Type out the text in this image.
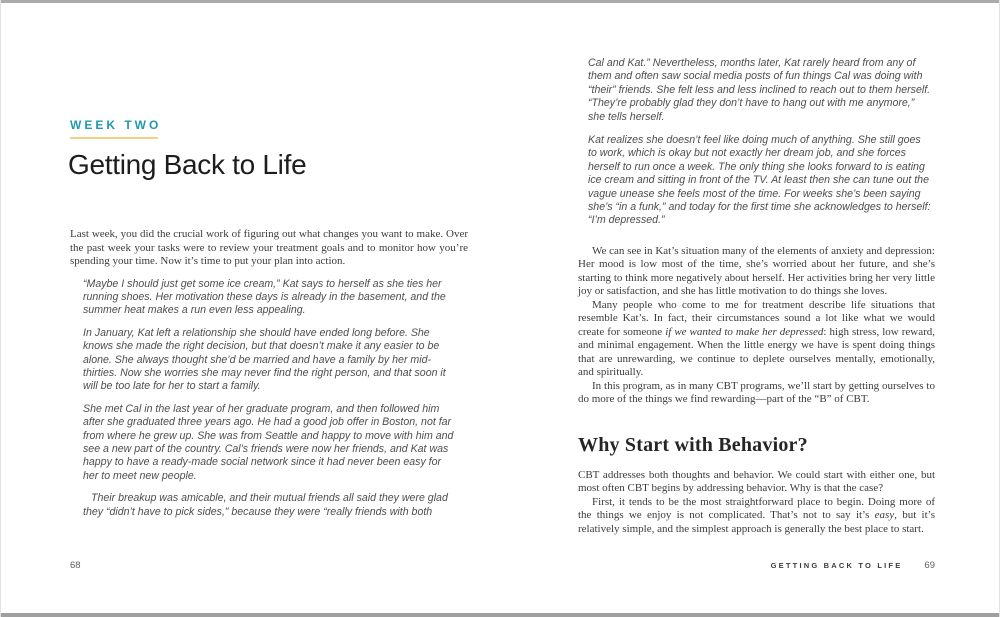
WEEK TWO
Getting Back to Life

Last week, you did the crucial work of figuring out what changes you want to make. Over the past week your tasks were to review your treatment goals and to monitor how you’re spending your time. Now it’s time to put your plan into action.

“Maybe I should just get some ice cream,” Kat says to herself as she ties her running shoes. Her motivation these days is already in the basement, and the summer heat makes a run even less appealing.

In January, Kat left a relationship she should have ended long before. She knows she made the right decision, but that doesn’t make it any easier to be alone. She always thought she’d be married and have a family by her mid-thirties. Now she worries she may never find the right person, and that soon it will be too late for her to start a family.

She met Cal in the last year of her graduate program, and then followed him after she graduated three years ago. He had a good job offer in Boston, not far from where he grew up. She was from Seattle and happy to move with him and see a new part of the country. Cal’s friends were now her friends, and Kat was happy to have a ready-made social network since it had never been easy for her to meet new people.

Their breakup was amicable, and their mutual friends all said they were glad they “didn’t have to pick sides,” because they were “really friends with both

Cal and Kat.” Nevertheless, months later, Kat rarely heard from any of them and often saw social media posts of fun things Cal was doing with “their” friends. She felt less and less inclined to reach out to them herself. “They’re probably glad they don’t have to hang out with me anymore,” she tells herself.

Kat realizes she doesn’t feel like doing much of anything. She still goes to work, which is okay but not exactly her dream job, and she forces herself to run once a week. The only thing she looks forward to is eating ice cream and sitting in front of the TV. At least then she can tune out the vague unease she feels most of the time. For weeks she’s been saying she’s “in a funk,” and today for the first time she acknowledges to herself: “I’m depressed.”

We can see in Kat’s situation many of the elements of anxiety and depression: Her mood is low most of the time, she’s worried about her future, and she’s starting to think more negatively about herself. Her activities bring her very little joy or satisfaction, and she has little motivation to do things she loves.

Many people who come to me for treatment describe life situations that resemble Kat’s. In fact, their circumstances sound a lot like what we would create for someone if we wanted to make her depressed: high stress, low reward, and minimal engagement. When the little energy we have is spent doing things that are unrewarding, we continue to deplete ourselves mentally, emotionally, and spiritually.

In this program, as in many CBT programs, we’ll start by getting ourselves to do more of the things we find rewarding—part of the “B” of CBT.

Why Start with Behavior?

CBT addresses both thoughts and behavior. We could start with either one, but most often CBT begins by addressing behavior. Why is that the case?

First, it tends to be the most straightforward place to begin. Doing more of the things we enjoy is not complicated. That’s not to say it’s easy, but it’s relatively simple, and the simplest approach is generally the best place to start.

68	GETTING BACK TO LIFE 69
